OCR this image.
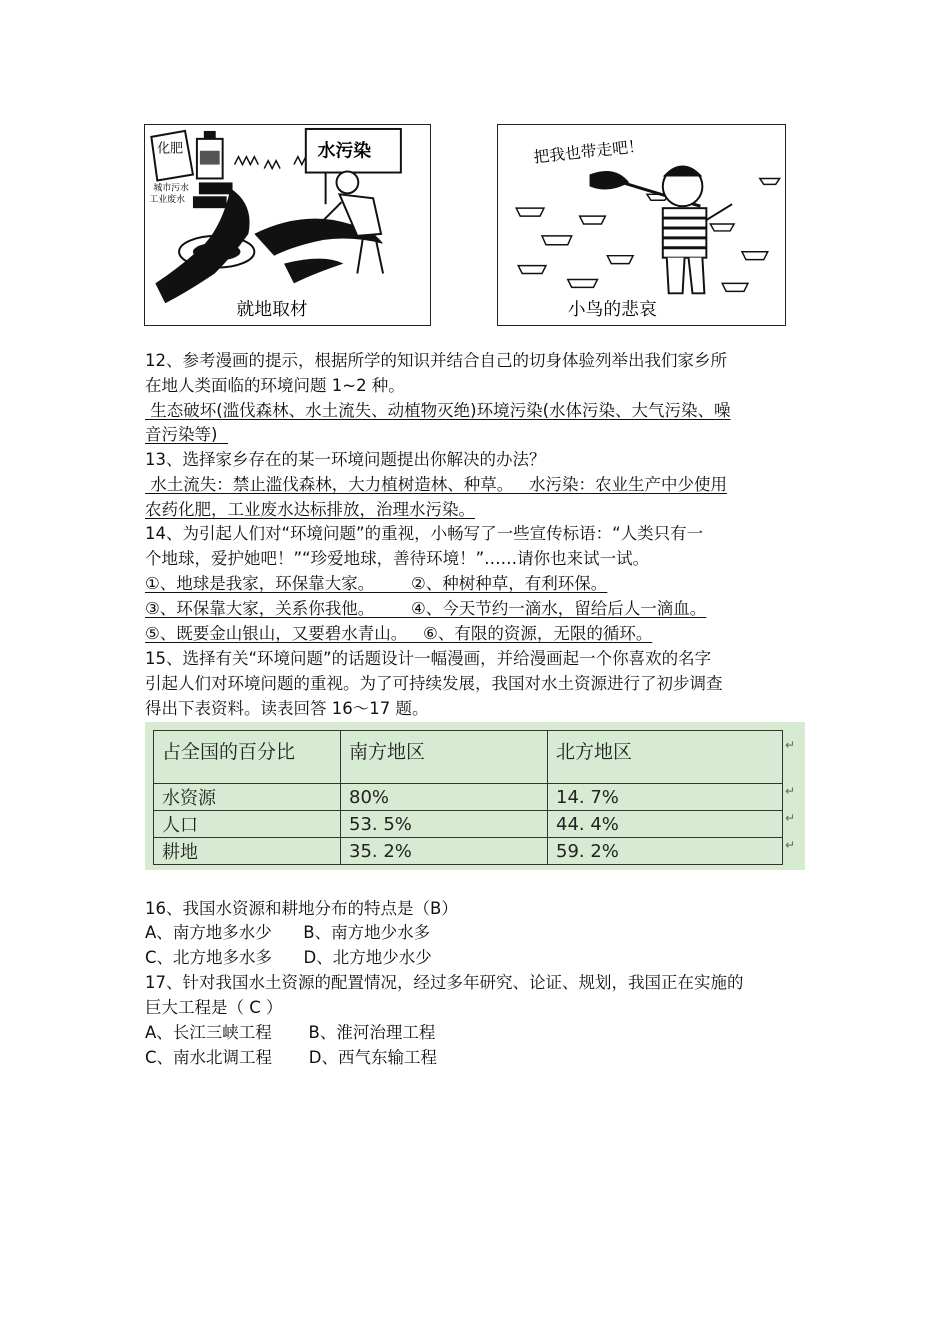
化肥	水污染
城市污水
工业废水
就地取材
把我也带走吧！
小鸟的悲哀
12、参考漫画的提示，根据所学的知识并结合自己的切身体验列举出我们家乡所
在地人类面临的环境问题 1~2 种。
生态破坏(滥伐森林、水土流失、动植物灭绝)环境污染(水体污染、大气污染、噪
音污染等)
13、选择家乡存在的某一环境问题提出你解决的办法？
水土流失：禁止滥伐森林，大力植树造林、种草。   水污染：农业生产中少使用
农药化肥，工业废水达标排放，治理水污染。
14、为引起人们对“环境问题”的重视，小畅写了一些宣传标语：“人类只有一
个地球，爱护她吧！”“珍爱地球，善待环境！”……请你也来试一试。
①、地球是我家，环保靠大家。       ②、种树种草，有利环保。
③、环保靠大家，关系你我他。       ④、今天节约一滴水，留给后人一滴血。
⑤、既要金山银山，又要碧水青山。   ⑥、有限的资源，无限的循环。
15、选择有关“环境问题”的话题设计一幅漫画，并给漫画起一个你喜欢的名字
引起人们对环境问题的重视。为了可持续发展，我国对水土资源进行了初步调查
得出下表资料。读表回答 16～17 题。
占全国的百分比	南方地区	北方地区
水资源	80%	14. 7%
人口	53. 5%	44. 4%
耕地	35. 2%	59. 2%
↵
↵
↵
↵
16、我国水资源和耕地分布的特点是（B）
A、南方地多水少      B、南方地少水多
C、北方地多水多      D、北方地少水少
17、针对我国水土资源的配置情况，经过多年研究、论证、规划，我国正在实施的
巨大工程是（ C ）
A、长江三峡工程       B、淮河治理工程
C、南水北调工程       D、西气东输工程
